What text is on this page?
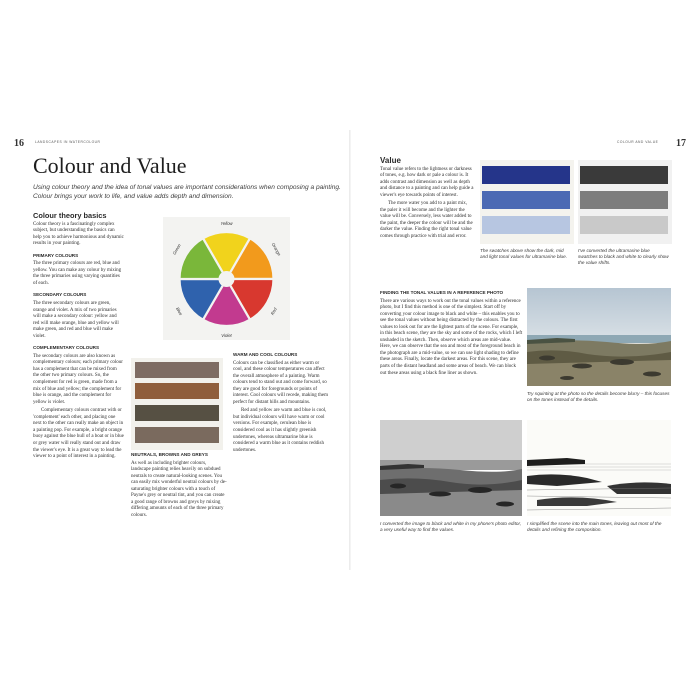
16	LANDSCAPES IN WATERCOLOUR
Colour and Value

Using colour theory and the idea of tonal values are important considerations when composing a painting. Colour brings your work to life, and value adds depth and dimension.

Colour theory basics

Colour theory is a fascinatingly complex subject, but understanding the basics can help you to achieve harmonious and dynamic results in your painting.

PRIMARY COLOURS

The three primary colours are red, blue and yellow. You can make any colour by mixing the three primaries using varying quantities of each.

SECONDARY COLOURS

The three secondary colours are green, orange and violet. A mix of two primaries will make a secondary colour: yellow and red will make orange, blue and yellow will make green, and red and blue will make violet.

COMPLEMENTARY COLOURS

The secondary colours are also known as complementary colours; each primary colour has a complement that can be mixed from the other two primary colours. So, the complement for red is green, made from a mix of blue and yellow; the complement for blue is orange, and the complement for yellow is violet.

Complementary colours contrast with or 'complement' each other, and placing one next to the other can really make an object in a painting pop. For example, a bright orange buoy against the blue hull of a boat or in blue or grey water will really stand out and draw the viewer's eye. It is a great way to lead the viewer to a point of interest in a painting.

Yellow
Orange
Red
Violet
Blue
Green
WARM AND COOL COLOURS

Colours can be classified as either warm or cool, and these colour temperatures can affect the overall atmosphere of a painting. Warm colours tend to stand out and come forward, so they are good for foregrounds or points of interest. Cool colours will recede, making them perfect for distant hills and mountains.

Red and yellow are warm and blue is cool, but individual colours will have warm or cool versions. For example, cerulean blue is considered cool as it has slightly greenish undertones, whereas ultramarine blue is considered a warm blue as it contains reddish undertones.

NEUTRALS, BROWNS AND GREYS

As well as including brighter colours, landscape painting relies heavily on subdued neutrals to create natural-looking scenes. You can easily mix wonderful neutral colours by de-saturating brighter colours with a touch of Payne's grey or neutral tint, and you can create a good range of browns and greys by mixing differing amounts of each of the three primary colours.

COLOUR AND VALUE 17
Value

Tonal value refers to the lightness or darkness of tones, e.g. how dark or pale a colour is. It adds contrast and dimension as well as depth and distance to a painting and can help guide a viewer's eye towards points of interest.

The more water you add to a paint mix, the paler it will become and the lighter the value will be. Conversely, less water added to the paint, the deeper the colour will be and the darker the value. Finding the right tonal value comes through practice with trial and error.

The swatches above show the dark, mid and light tonal values for ultramarine blue.
I've converted the ultramarine blue swatches to black and white to clearly show the value shifts.
FINDING THE TONAL VALUES IN A REFERENCE PHOTO

There are various ways to work out the tonal values within a reference photo, but I find this method is one of the simplest. Start off by converting your colour image to black and white – this enables you to see the tonal values without being distracted by the colours. The first values to look out for are the lightest parts of the scene. For example, in this beach scene, they are the sky and some of the rocks, which I left unshaded in the sketch. Then, observe which areas are mid-value. Here, we can observe that the sea and most of the foreground beach in the photograph are a mid-value, so we can use light shading to define these areas. Finally, locate the darkest areas. For this scene, they are parts of the distant headland and some areas of beach. We can block out these areas using a black fine liner as shown.

Try squinting at the photo so the details become blurry – this focuses on the tones instead of the details.
I converted the image to black and white in my phone's photo editor, a very useful way to find the values.
I simplified the scene into the main tones, leaving out most of the details and refining the composition.
